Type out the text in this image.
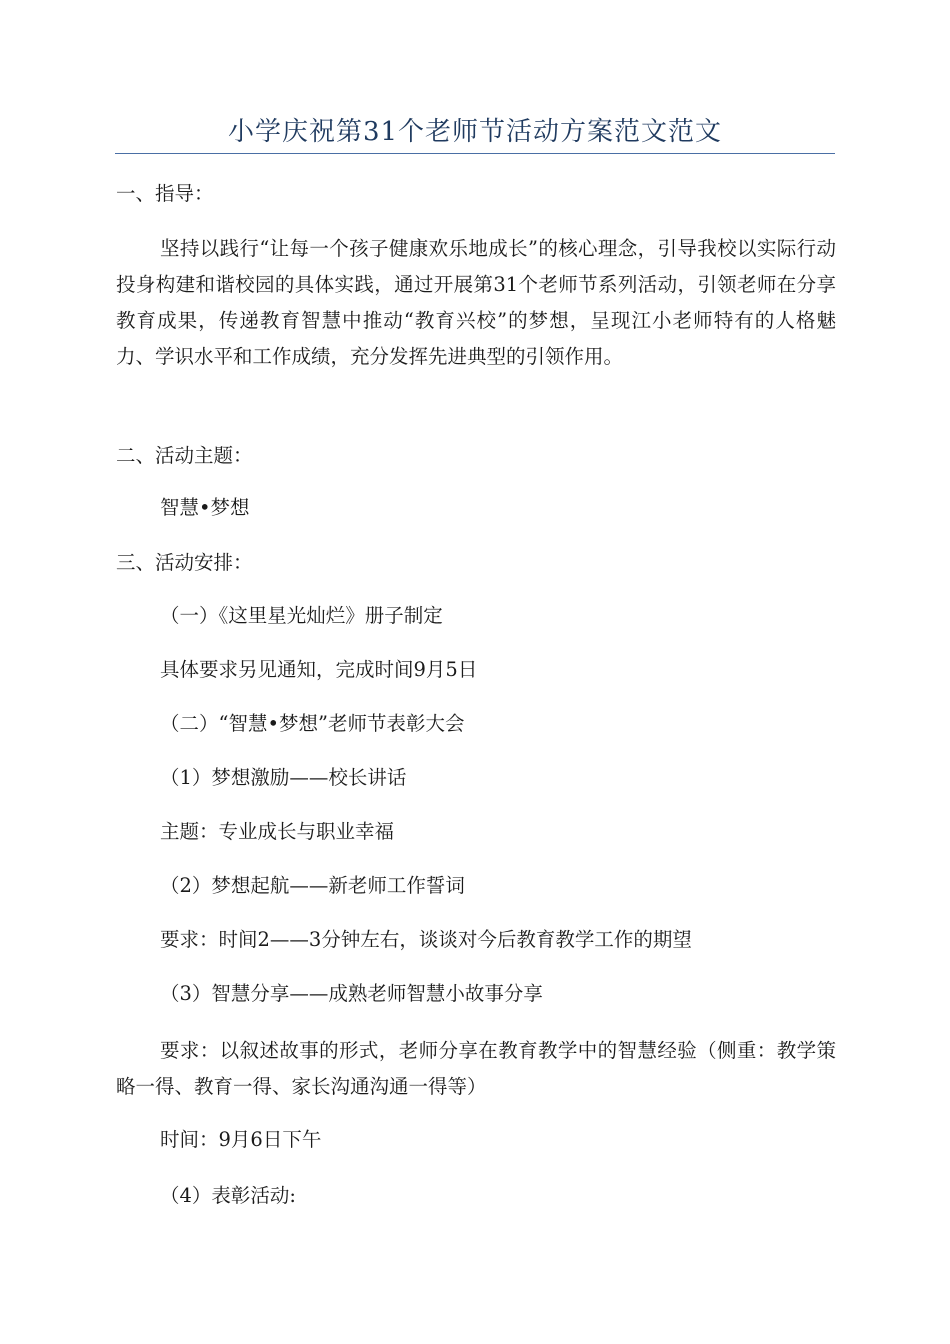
小学庆祝第31个老师节活动方案范文范文
一、指导：
坚持以践行“让每一个孩子健康欢乐地成长”的核心理念，引导我校以实际行动投身构建和谐校园的具体实践，通过开展第31个老师节系列活动，引领老师在分享教育成果，传递教育智慧中推动“教育兴校”的梦想，呈现江小老师特有的人格魅力、学识水平和工作成绩，充分发挥先进典型的引领作用。
二、活动主题：
智慧•梦想
三、活动安排：
（一）《这里星光灿烂》册子制定
具体要求另见通知，完成时间9月5日
（二）“智慧•梦想”老师节表彰大会
（1）梦想激励——校长讲话
主题：专业成长与职业幸福
（2）梦想起航——新老师工作誓词
要求：时间2——3分钟左右，谈谈对今后教育教学工作的期望
（3）智慧分享——成熟老师智慧小故事分享
要求：以叙述故事的形式，老师分享在教育教学中的智慧经验（侧重：教学策略一得、教育一得、家长沟通沟通一得等）
时间：9月6日下午
（4）表彰活动:
